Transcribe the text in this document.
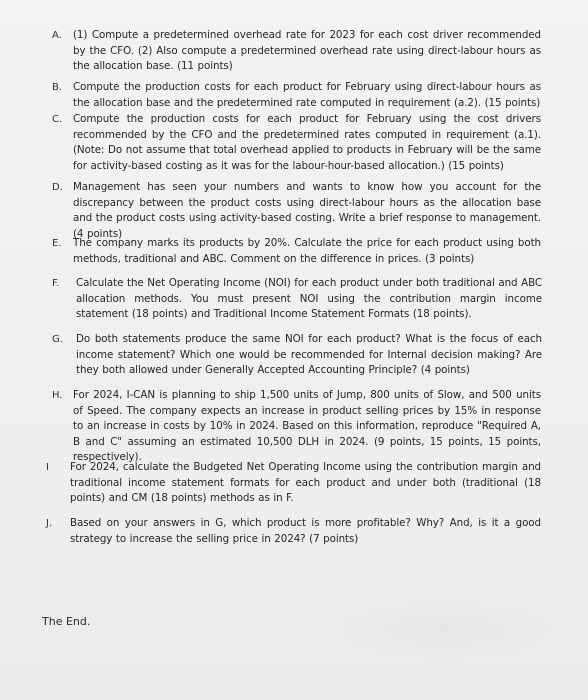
A. (1) Compute a predetermined overhead rate for 2023 for each cost driver recommended by the CFO. (2) Also compute a predetermined overhead rate using direct-labour hours as the allocation base. (11 points)
B. Compute the production costs for each product for February using direct-labour hours as the allocation base and the predetermined rate computed in requirement (a.2). (15 points)
C. Compute the production costs for each product for February using the cost drivers recommended by the CFO and the predetermined rates computed in requirement (a.1). (Note: Do not assume that total overhead applied to products in February will be the same for activity-based costing as it was for the labour-hour-based allocation.) (15 points)
D. Management has seen your numbers and wants to know how you account for the discrepancy between the product costs using direct-labour hours as the allocation base and the product costs using activity-based costing. Write a brief response to management. (4 points)
E. The company marks its products by 20%. Calculate the price for each product using both methods, traditional and ABC. Comment on the difference in prices. (3 points)
F. Calculate the Net Operating Income (NOI) for each product under both traditional and ABC allocation methods. You must present NOI using the contribution margin income statement (18 points) and Traditional Income Statement Formats (18 points).
G. Do both statements produce the same NOI for each product? What is the focus of each income statement? Which one would be recommended for Internal decision making? Are they both allowed under Generally Accepted Accounting Principle? (4 points)
H. For 2024, I-CAN is planning to ship 1,500 units of Jump, 800 units of Slow, and 500 units of Speed. The company expects an increase in product selling prices by 15% in response to an increase in costs by 10% in 2024. Based on this information, reproduce "Required A, B and C" assuming an estimated 10,500 DLH in 2024. (9 points, 15 points, 15 points, respectively).
I For 2024, calculate the Budgeted Net Operating Income using the contribution margin and traditional income statement formats for each product and under both (traditional (18 points) and CM (18 points) methods as in F.
J. Based on your answers in G, which product is more profitable? Why? And, is it a good strategy to increase the selling price in 2024? (7 points)
The End.
